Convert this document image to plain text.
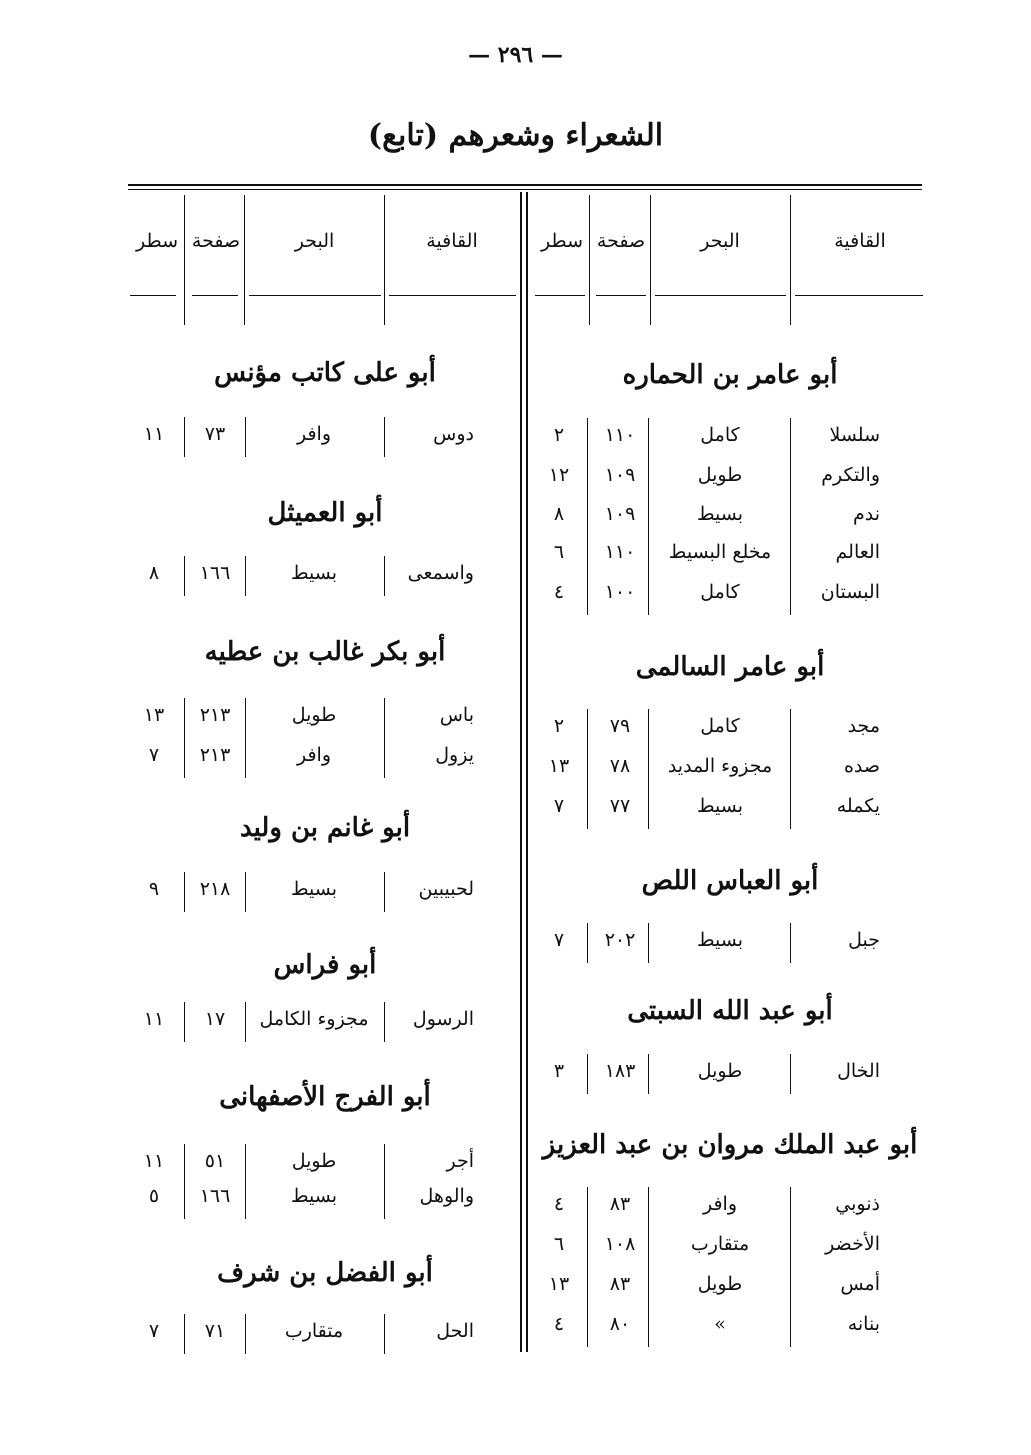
— ٢٩٦ —
(تابع) الشعراء وشعرهم
القافية
البحر
صفحة
سطر
القافية
البحر
صفحة
سطر
أبو عامر بن الحماره
سلسلا
كامل
١١٠
٢
والتكرم
طويل
١٠٩
١٢
ندم
بسيط
١٠٩
٨
العالم
مخلع البسيط
١١٠
٦
البستان
كامل
١٠٠
٤
أبو عامر السالمى
مجد
كامل
٧٩
٢
صده
مجزوء المديد
٧٨
١٣
يكمله
بسيط
٧٧
٧
أبو العباس اللص
جبل
بسيط
٢٠٢
٧
أبو عبد الله السبتى
الخال
طويل
١٨٣
٣
أبو عبد الملك مروان بن عبد العزيز
ذنوبي
وافر
٨٣
٤
الأخضر
متقارب
١٠٨
٦
أمس
طويل
٨٣
١٣
بنانه
»
٨٠
٤
أبو على كاتب مؤنس
دوس
وافر
٧٣
١١
أبو العميثل
واسمعى
بسيط
١٦٦
٨
أبو بكر غالب بن عطيه
باس
طويل
٢١٣
١٣
يزول
وافر
٢١٣
٧
أبو غانم بن وليد
لحبيبين
بسيط
٢١٨
٩
أبو فراس
الرسول
مجزوء الكامل
١٧
١١
أبو الفرج الأصفهانى
أجر
طويل
٥١
١١
والوهل
بسيط
١٦٦
٥
أبو الفضل بن شرف
الحل
متقارب
٧١
٧
